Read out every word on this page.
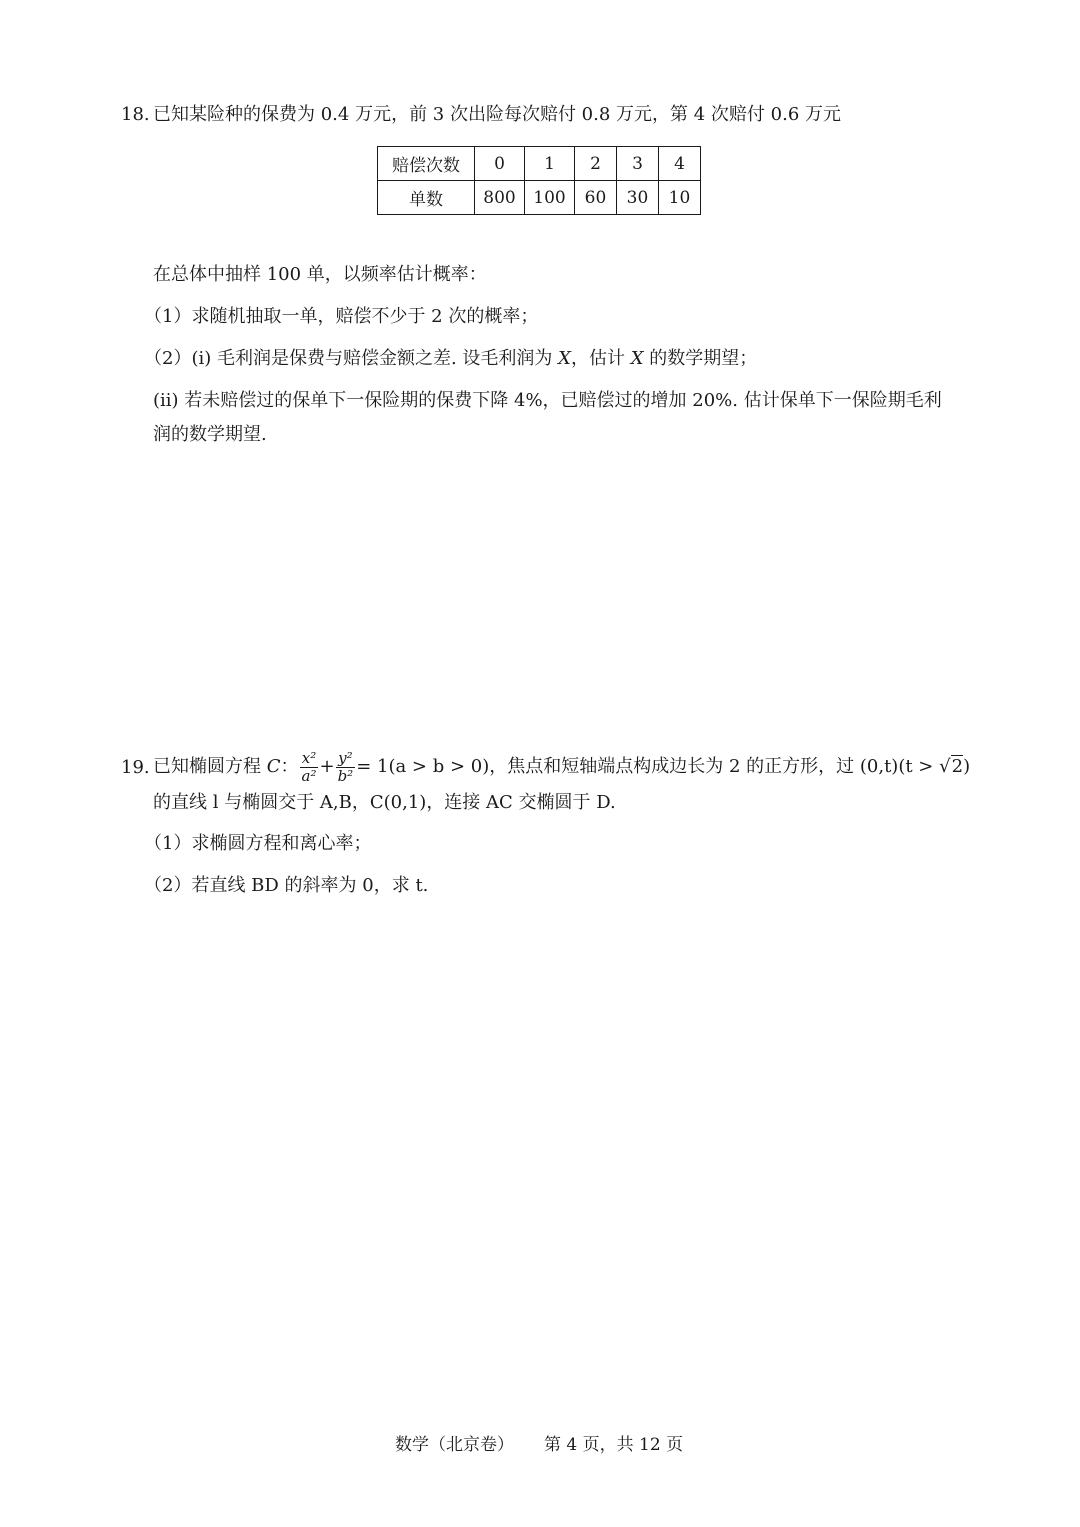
18. 已知某险种的保费为 0.4 万元，前 3 次出险每次赔付 0.8 万元，第 4 次赔付 0.6 万元
赔偿次数	0	1	2	3	4
单数	800	100	60	30	10
在总体中抽样 100 单，以频率估计概率：
（1）求随机抽取一单，赔偿不少于 2 次的概率；
（2）(i) 毛利润是保费与赔偿金额之差. 设毛利润为 X，估计 X 的数学期望；
(ii) 若未赔偿过的保单下一保险期的保费下降 4%，已赔偿过的增加 20%. 估计保单下一保险期毛利
润的数学期望.
19. 已知椭圆方程 C： $\frac{\text{x²}}{\text{a²}} + \frac{\text{y²}}{\text{b²}} = 1(a > b > 0)$，焦点和短轴端点构成边长为 2 的正方形，过 (0,t)(t > √2)
的直线 l 与椭圆交于 A,B，C(0,1)，连接 AC 交椭圆于 D.
（1）求椭圆方程和离心率；
（2）若直线 BD 的斜率为 0，求 t.
数学（北京卷） 第 4 页，共 12 页
